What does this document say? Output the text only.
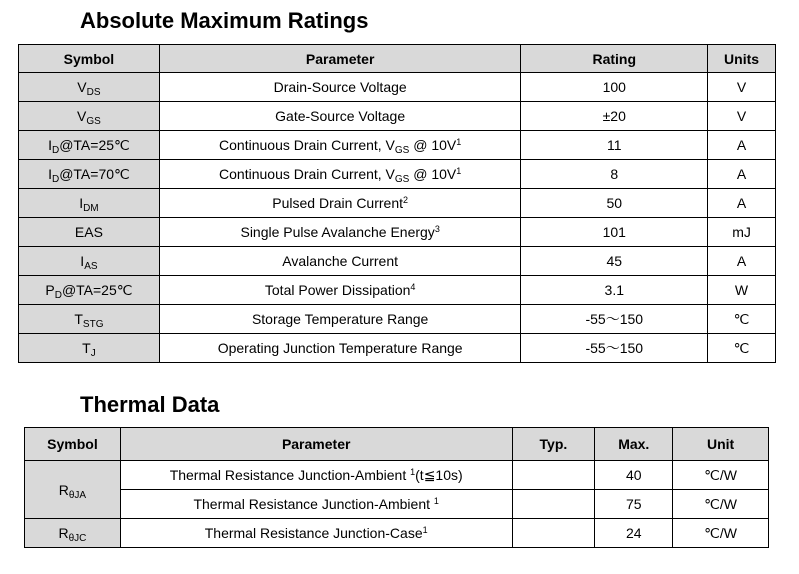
Absolute Maximum Ratings
Symbol	Parameter	Rating	Units
$V_{DS}$	Drain-Source Voltage	100	V
$V_{GS}$	Gate-Source Voltage	±20	V
$I_D@TA=25℃$	Continuous Drain Current, $V_{GS}$ @ $10V^1$	11	A
$I_D@TA=70℃$	Continuous Drain Current, $V_{GS}$ @ $10V^1$	8	A
$I_{DM}$	Pulsed Drain Current$^2$	50	A
EAS	Single Pulse Avalanche Energy$^3$	101	mJ
$I_{AS}$	Avalanche Current	45	A
$P_D@TA=25℃$	Total Power Dissipation$^4$	3.1	W
$T_{STG}$	Storage Temperature Range	-55～150	℃
$T_J$	Operating Junction Temperature Range	-55～150	℃
Thermal Data
Symbol	Parameter	Typ.	Max.	Unit
$R_{\theta JA}$	Thermal Resistance Junction-Ambient $^1$(t≦10s)		40	℃/W
	Thermal Resistance Junction-Ambient $^1$		75	℃/W
$R_{\theta JC}$	Thermal Resistance Junction-Case$^1$		24	℃/W
